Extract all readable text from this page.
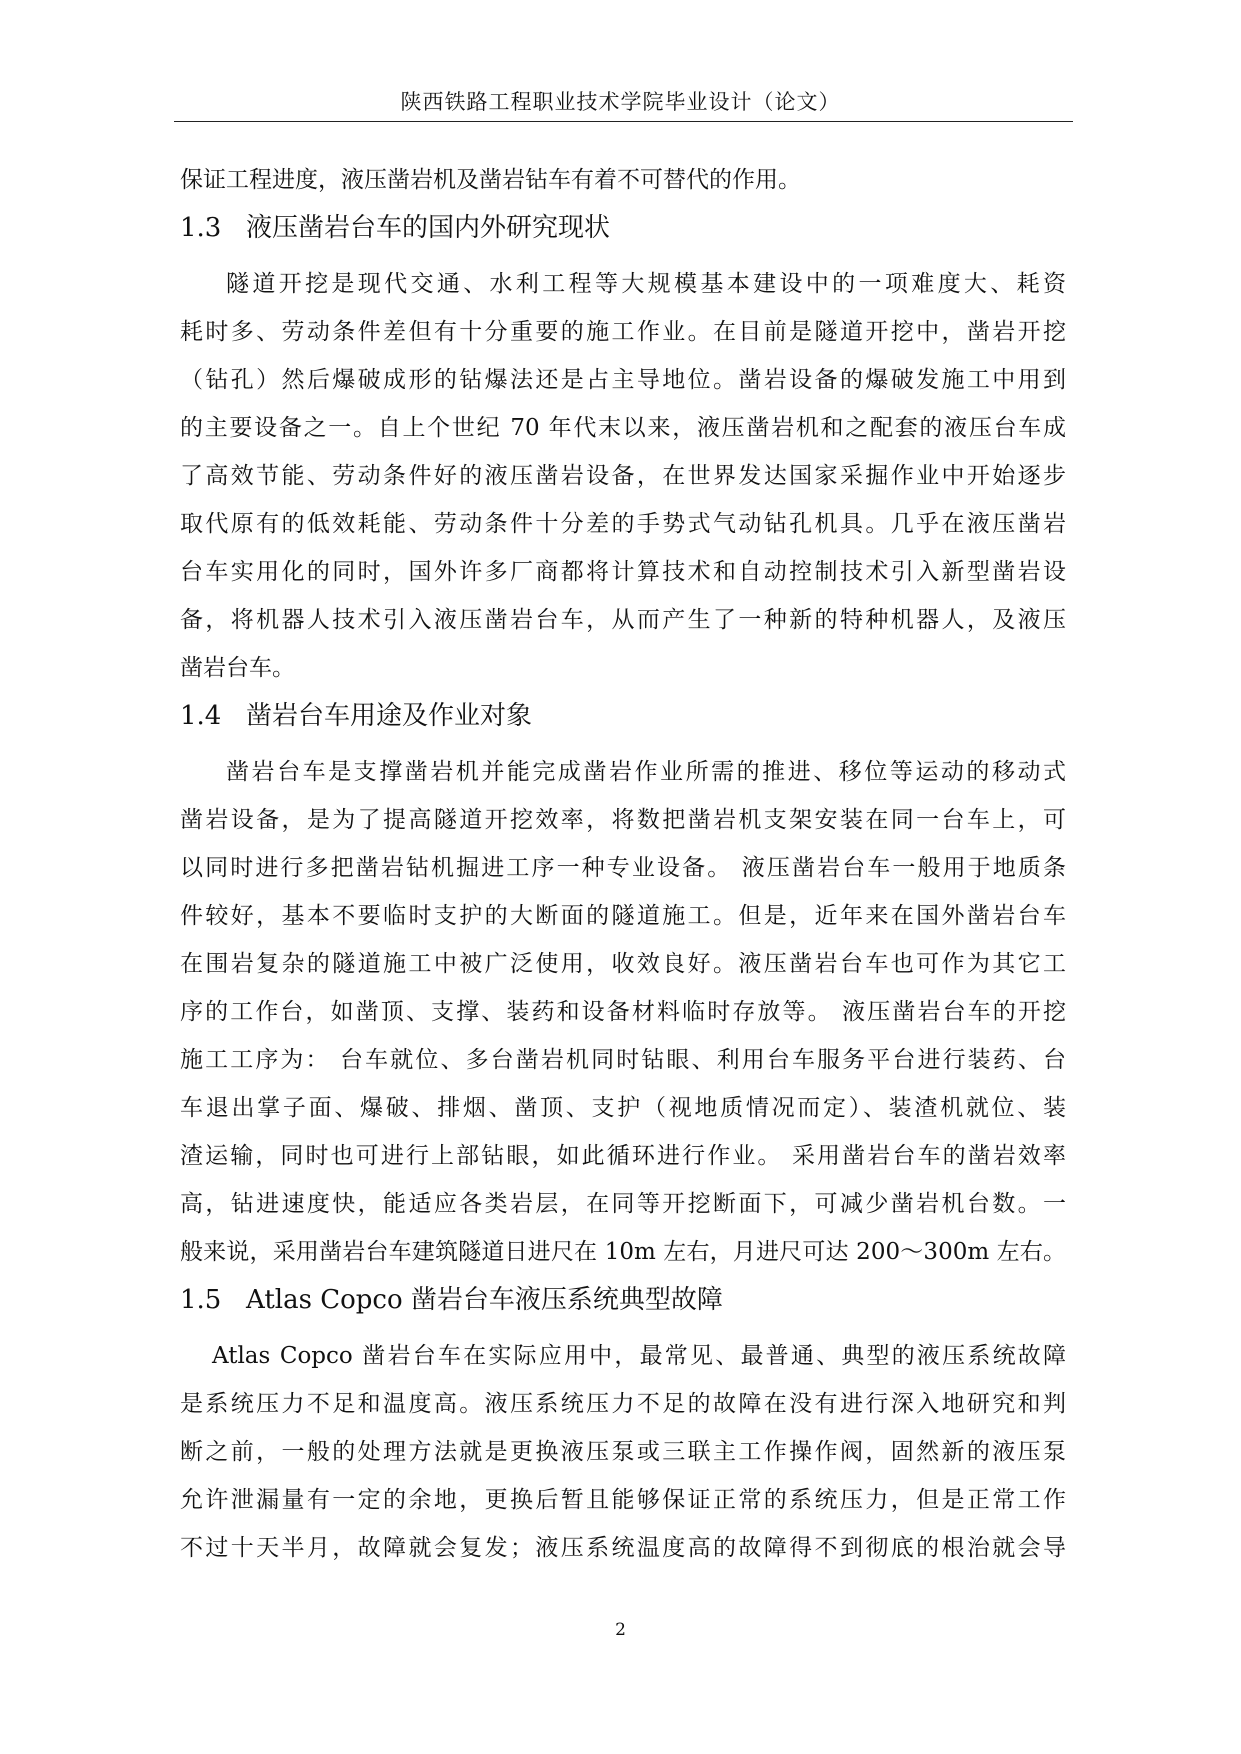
陕西铁路工程职业技术学院毕业设计（论文）

保证工程进度，液压凿岩机及凿岩钻车有着不可替代的作用。

1.3 液压凿岩台车的国内外研究现状

隧道开挖是现代交通、水利工程等大规模基本建设中的一项难度大、耗资

耗时多、劳动条件差但有十分重要的施工作业。在目前是隧道开挖中，凿岩开挖

（钻孔）然后爆破成形的钻爆法还是占主导地位。凿岩设备的爆破发施工中用到

的主要设备之一。自上个世纪 70 年代末以来，液压凿岩机和之配套的液压台车成

了高效节能、劳动条件好的液压凿岩设备，在世界发达国家采掘作业中开始逐步

取代原有的低效耗能、劳动条件十分差的手势式气动钻孔机具。几乎在液压凿岩

台车实用化的同时，国外许多厂商都将计算技术和自动控制技术引入新型凿岩设

备，将机器人技术引入液压凿岩台车，从而产生了一种新的特种机器人，及液压

凿岩台车。

1.4 凿岩台车用途及作业对象

凿岩台车是支撑凿岩机并能完成凿岩作业所需的推进、移位等运动的移动式

凿岩设备，是为了提高隧道开挖效率，将数把凿岩机支架安装在同一台车上，可

以同时进行多把凿岩钻机掘进工序一种专业设备。 液压凿岩台车一般用于地质条

件较好，基本不要临时支护的大断面的隧道施工。但是，近年来在国外凿岩台车

在围岩复杂的隧道施工中被广泛使用，收效良好。液压凿岩台车也可作为其它工

序的工作台，如凿顶、支撑、装药和设备材料临时存放等。 液压凿岩台车的开挖

施工工序为： 台车就位、多台凿岩机同时钻眼、利用台车服务平台进行装药、台

车退出掌子面、爆破、排烟、凿顶、支护（视地质情况而定）、装渣机就位、装

渣运输，同时也可进行上部钻眼，如此循环进行作业。 采用凿岩台车的凿岩效率

高，钻进速度快，能适应各类岩层，在同等开挖断面下，可减少凿岩机台数。一

般来说，采用凿岩台车建筑隧道日进尺在 10m 左右，月进尺可达 200～300m 左右。

1.5 Atlas Copco 凿岩台车液压系统典型故障

Atlas Copco 凿岩台车在实际应用中，最常见、最普通、典型的液压系统故障

是系统压力不足和温度高。液压系统压力不足的故障在没有进行深入地研究和判

断之前，一般的处理方法就是更换液压泵或三联主工作操作阀，固然新的液压泵

允许泄漏量有一定的余地，更换后暂且能够保证正常的系统压力，但是正常工作

不过十天半月，故障就会复发；液压系统温度高的故障得不到彻底的根治就会导

2
